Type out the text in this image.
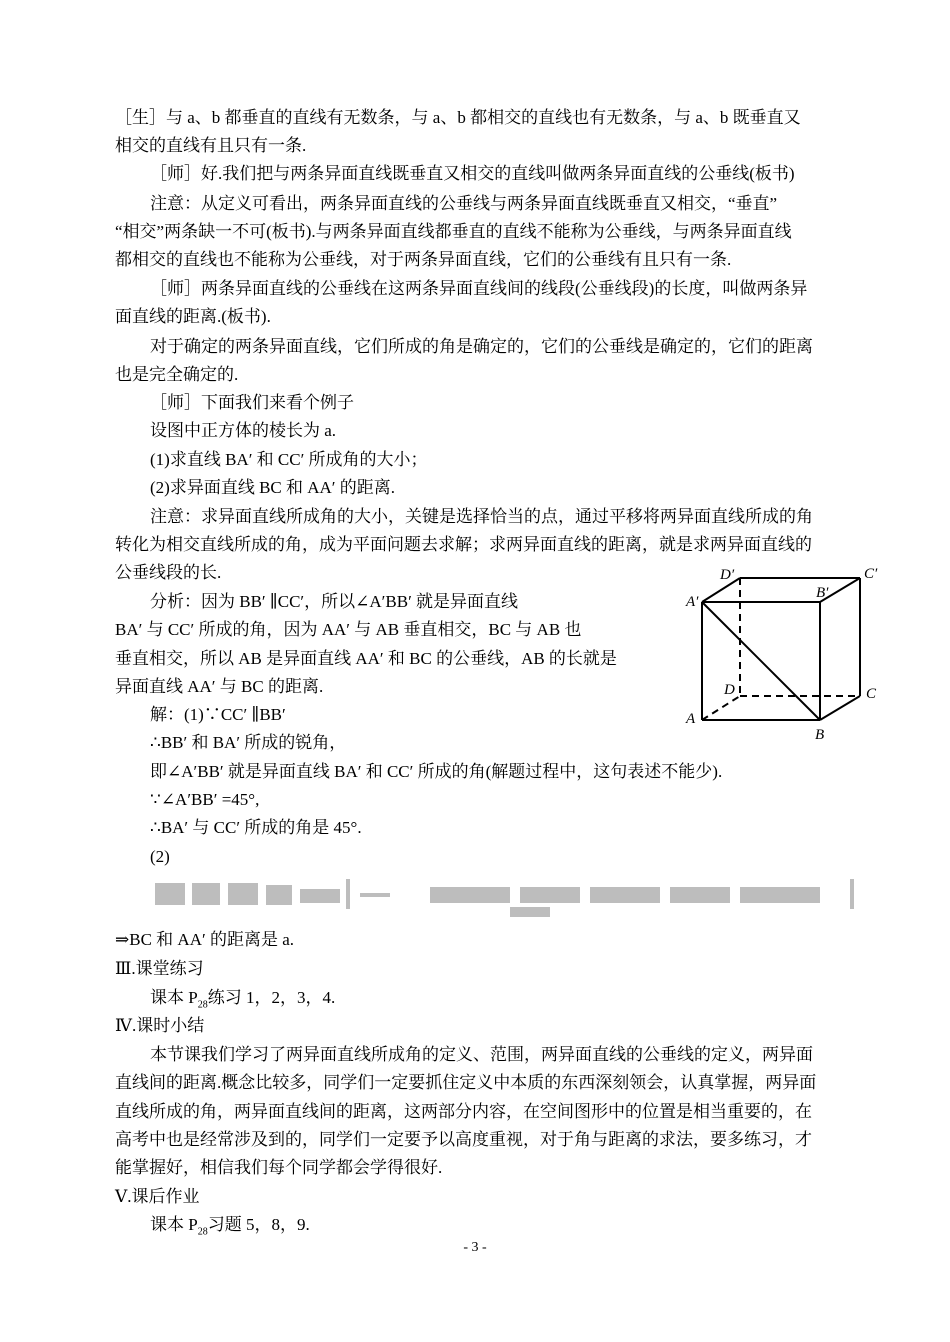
［生］与 a、b 都垂直的直线有无数条，与 a、b 都相交的直线也有无数条，与 a、b 既垂直又
相交的直线有且只有一条.
［师］好.我们把与两条异面直线既垂直又相交的直线叫做两条异面直线的公垂线(板书)
注意：从定义可看出，两条异面直线的公垂线与两条异面直线既垂直又相交，“垂直”
“相交”两条缺一不可(板书).与两条异面直线都垂直的直线不能称为公垂线，与两条异面直线
都相交的直线也不能称为公垂线，对于两条异面直线，它们的公垂线有且只有一条.
［师］两条异面直线的公垂线在这两条异面直线间的线段(公垂线段)的长度，叫做两条异
面直线的距离.(板书).
对于确定的两条异面直线，它们所成的角是确定的，它们的公垂线是确定的，它们的距离
也是完全确定的.
［师］下面我们来看个例子
设图中正方体的棱长为 a.
(1)求直线 BA′ 和 CC′ 所成角的大小；
(2)求异面直线 BC 和 AA′ 的距离.
注意：求异面直线所成角的大小，关键是选择恰当的点，通过平移将两异面直线所成的角
转化为相交直线所成的角，成为平面问题去求解；求两异面直线的距离，就是求两异面直线的
公垂线段的长.
分析：因为 BB′ ∥CC′，所以∠A′BB′ 就是异面直线
BA′ 与 CC′ 所成的角，因为 AA′ 与 AB 垂直相交，BC 与 AB 也
垂直相交，所以 AB 是异面直线 AA′ 和 BC 的公垂线，AB 的长就是
异面直线 AA′ 与 BC 的距离.
D′	C′
B′
A′
D	C
A
B
解：(1)∵CC′ ∥BB′
∴BB′ 和 BA′ 所成的锐角，
即∠A′BB′ 就是异面直线 BA′ 和 CC′ 所成的角(解题过程中，这句表述不能少).
∵∠A′BB′ =45°,
∴BA′ 与 CC′ 所成的角是 45°.
(2)
⇒BC 和 AA′ 的距离是 a.
Ⅲ.课堂练习
课本 $P_{28}$练习 1，2，3，4.
Ⅳ.课时小结
本节课我们学习了两异面直线所成角的定义、范围，两异面直线的公垂线的定义，两异面
直线间的距离.概念比较多，同学们一定要抓住定义中本质的东西深刻领会，认真掌握，两异面
直线所成的角，两异面直线间的距离，这两部分内容，在空间图形中的位置是相当重要的，在
高考中也是经常涉及到的，同学们一定要予以高度重视，对于角与距离的求法，要多练习，才
能掌握好，相信我们每个同学都会学得很好.
Ⅴ.课后作业
课本 $P_{28}$习题 5，8，9.
- 3 -
